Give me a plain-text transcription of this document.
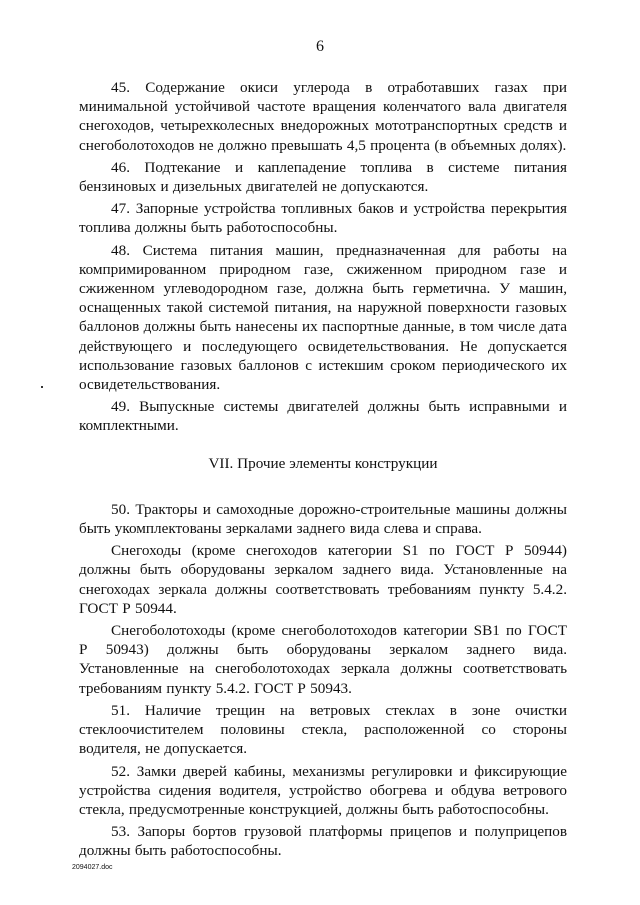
6

45. Содержание окиси углерода в отработавших газах при минимальной устойчивой частоте вращения коленчатого вала двигателя снегоходов, четырехколесных внедорожных мототранспортных средств и снегоболотоходов не должно превышать 4,5 процента (в объемных долях).

46. Подтекание и каплепадение топлива в системе питания бензиновых и дизельных двигателей не допускаются.

47. Запорные устройства топливных баков и устройства перекрытия топлива должны быть работоспособны.

48. Система питания машин, предназначенная для работы на компримированном природном газе, сжиженном природном газе и сжиженном углеводородном газе, должна быть герметична. У машин, оснащенных такой системой питания, на наружной поверхности газовых баллонов должны быть нанесены их паспортные данные, в том числе дата действующего и последующего освидетельствования. Не допускается использование газовых баллонов с истекшим сроком периодического их освидетельствования.

49. Выпускные системы двигателей должны быть исправными и комплектными.

VII. Прочие элементы конструкции

50. Тракторы и самоходные дорожно-строительные машины должны быть укомплектованы зеркалами заднего вида слева и справа.

Снегоходы (кроме снегоходов категории S1 по ГОСТ Р 50944) должны быть оборудованы зеркалом заднего вида. Установленные на снегоходах зеркала должны соответствовать требованиям пункту 5.4.2. ГОСТ Р 50944.

Снегоболотоходы (кроме снегоболотоходов категории SB1 по ГОСТ Р 50943) должны быть оборудованы зеркалом заднего вида. Установленные на снегоболотоходах зеркала должны соответствовать требованиям пункту 5.4.2. ГОСТ Р 50943.

51. Наличие трещин на ветровых стеклах в зоне очистки стеклоочистителем половины стекла, расположенной со стороны водителя, не допускается.

52. Замки дверей кабины, механизмы регулировки и фиксирующие устройства сидения водителя, устройство обогрева и обдува ветрового стекла, предусмотренные конструкцией, должны быть работоспособны.

53. Запоры бортов грузовой платформы прицепов и полуприцепов должны быть работоспособны.

2094027.doc
